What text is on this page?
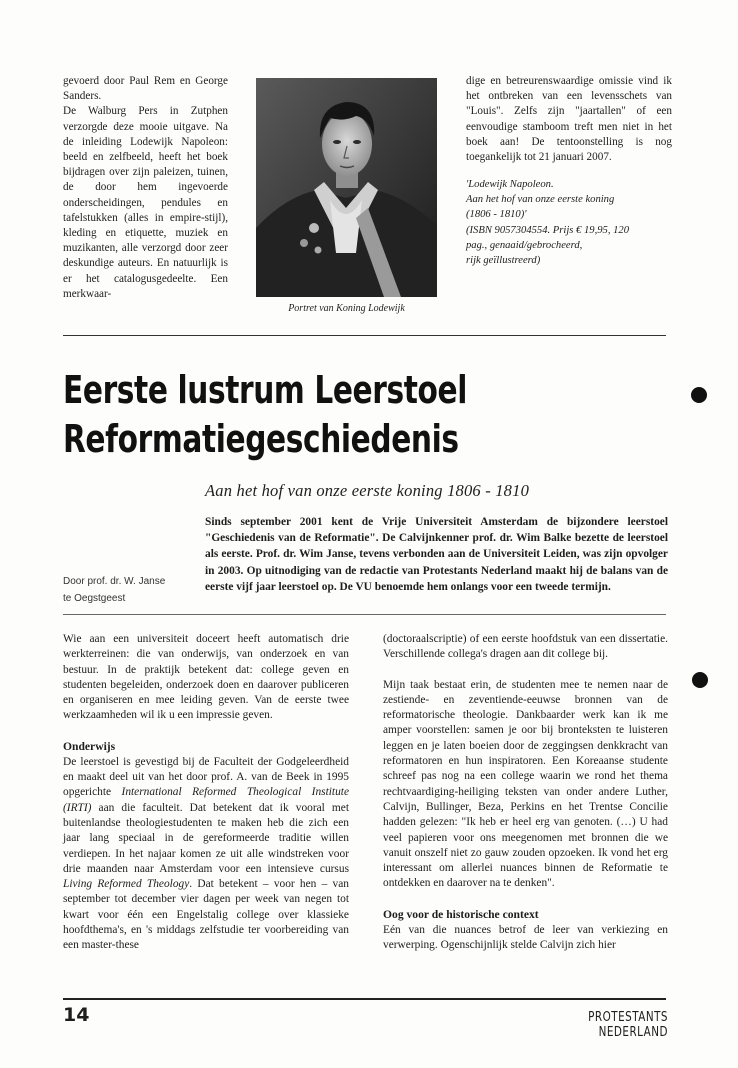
gevoerd door Paul Rem en George Sanders.

De Walburg Pers in Zutphen verzorgde deze mooie uitgave. Na de inleiding Lodewijk Napoleon: beeld en zelfbeeld, heeft het boek bijdragen over zijn paleizen, tuinen, de door hem ingevoerde onderscheidingen, pendules en tafelstukken (alles in empire-stijl), kleding en etiquette, muziek en muzikanten, alle verzorgd door zeer deskundige auteurs. En natuurlijk is er het catalogusgedeelte. Een merkwaar-

Portret van Koning Lodewijk

dige en betreurenswaardige omissie vind ik het ontbreken van een levensschets van "Louis". Zelfs zijn "jaartallen" of een eenvoudige stamboom treft men niet in het boek aan! De tentoonstelling is nog toegankelijk tot 21 januari 2007.

'Lodewijk Napoleon.
Aan het hof van onze eerste koning
(1806 - 1810)'
(ISBN 9057304554. Prijs € 19,95, 120
pag., genaaid/gebrocheerd,
rijk geïllustreerd)
Eerste lustrum Leerstoel
Reformatiegeschiedenis
Aan het hof van onze eerste koning 1806 - 1810
Door prof. dr. W. Janse
te Oegstgeest
Sinds september 2001 kent de Vrije Universiteit Amsterdam de bijzondere leerstoel "Geschiedenis van de Reformatie". De Calvijnkenner prof. dr. Wim Balke bezette de leerstoel als eerste. Prof. dr. Wim Janse, tevens verbonden aan de Universiteit Leiden, was zijn opvolger in 2003. Op uitnodiging van de redactie van Protestants Nederland maakt hij de balans van de eerste vijf jaar leerstoel op. De VU benoemde hem onlangs voor een tweede termijn.

Wie aan een universiteit doceert heeft automatisch drie werkterreinen: die van onderwijs, van onderzoek en van bestuur. In de praktijk betekent dat: college geven en studenten begeleiden, onderzoek doen en daarover publiceren en organiseren en mee leiding geven. Van de eerste twee werkzaamheden wil ik u een impressie geven.

Onderwijs

De leerstoel is gevestigd bij de Faculteit der Godgeleerdheid en maakt deel uit van het door prof. A. van de Beek in 1995 opgerichte International Reformed Theological Institute (IRTI) aan die faculteit. Dat betekent dat ik vooral met buitenlandse theologiestudenten te maken heb die zich een jaar lang speciaal in de gereformeerde traditie willen verdiepen. In het najaar komen ze uit alle windstreken voor drie maanden naar Amsterdam voor een intensieve cursus Living Reformed Theology. Dat betekent – voor hen – van september tot december vier dagen per week van negen tot kwart voor één een Engelstalig college over klassieke hoofdthema's, en 's middags zelfstudie ter voorbereiding van een master-these

(doctoraalscriptie) of een eerste hoofdstuk van een dissertatie. Verschillende collega's dragen aan dit college bij.

Mijn taak bestaat erin, de studenten mee te nemen naar de zestiende- en zeventiende-eeuwse bronnen van de reformatorische theologie. Dankbaarder werk kan ik me amper voorstellen: samen je oor bij bronteksten te luisteren leggen en je laten boeien door de zeggingsen denkkracht van reformatoren en hun inspiratoren. Een Koreaanse studente schreef pas nog na een college waarin we rond het thema rechtvaardiging-heiliging teksten van onder andere Luther, Calvijn, Bullinger, Beza, Perkins en het Trentse Concilie hadden gelezen: "Ik heb er heel erg van genoten. (…) U had veel papieren voor ons meegenomen met bronnen die we vanuit onszelf niet zo gauw zouden opzoeken. Ik vond het erg interessant om allerlei nuances binnen de Reformatie te ontdekken en daarover na te denken".

Oog voor de historische context

Eén van die nuances betrof de leer van verkiezing en verwerping. Ogenschijnlijk stelde Calvijn zich hier

14	PROTESTANTS NEDERLAND
